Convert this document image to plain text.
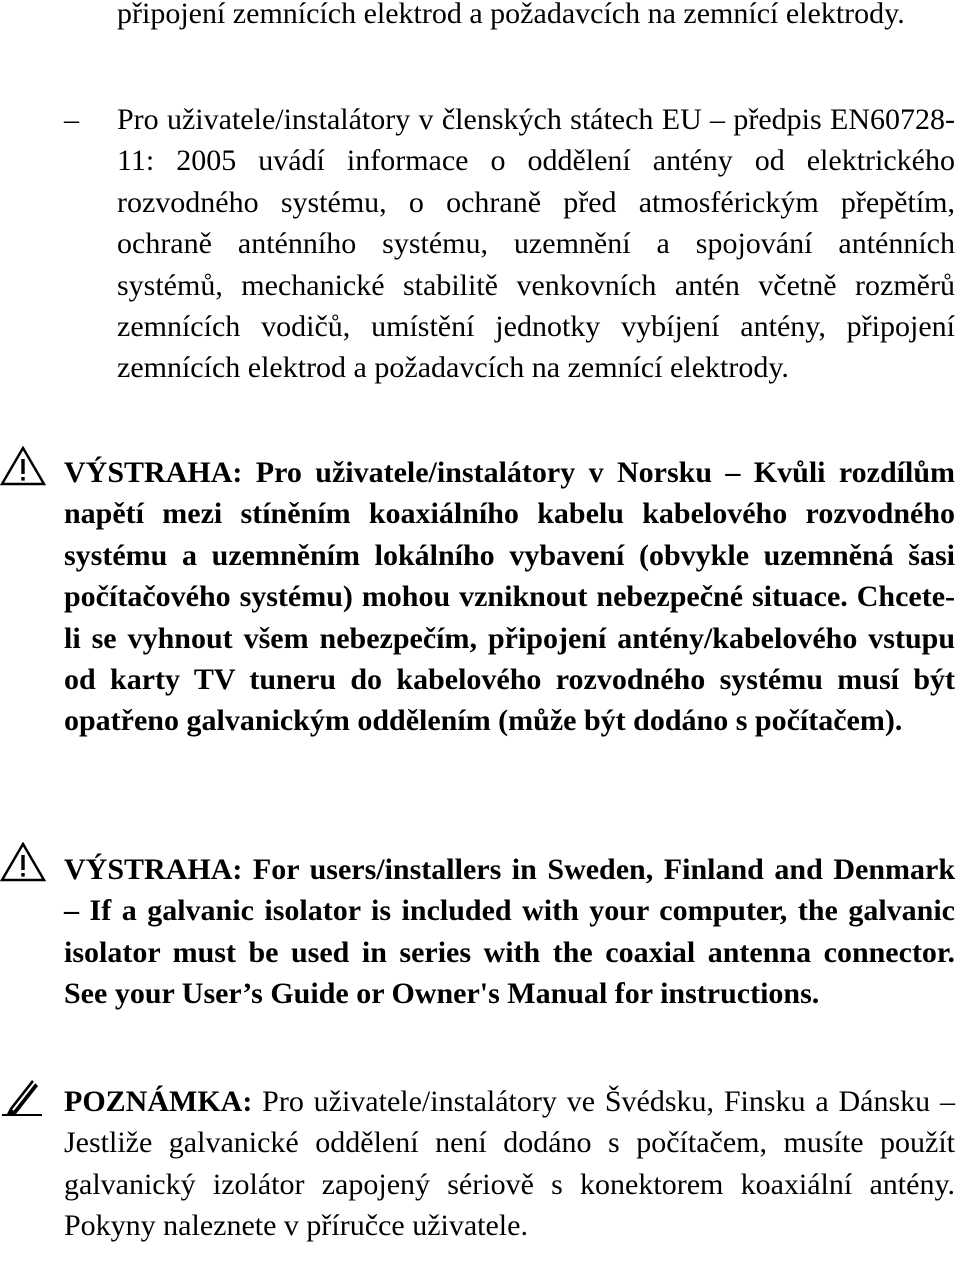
připojení zemnících elektrod a požadavcích na zemnící elektrody.

– Pro uživatele/instalátory v členských státech EU – předpis EN60728-11: 2005 uvádí informace o oddělení antény od elektrického rozvodného systému, o ochraně před atmosférickým přepětím, ochraně anténního systému, uzemnění a spojování anténních systémů, mechanické stabilitě venkovních antén včetně rozměrů zemnících vodičů, umístění jednotky vybíjení antény, připojení zemnících elektrod a požadavcích na zemnící elektrody.

VÝSTRAHA: Pro uživatele/instalátory v Norsku – Kvůli rozdílům napětí mezi stíněním koaxiálního kabelu kabelového rozvodného systému a uzemněním lokálního vybavení (obvykle uzemněná šasi počítačového systému) mohou vzniknout nebezpečné situace. Chcete-li se vyhnout všem nebezpečím, připojení antény/kabelového vstupu od karty TV tuneru do kabelového rozvodného systému musí být opatřeno galvanickým oddělením (může být dodáno s počítačem).

VÝSTRAHA: For users/installers in Sweden, Finland and Denmark – If a galvanic isolator is included with your computer, the galvanic isolator must be used in series with the coaxial antenna connector. See your User’s Guide or Owner's Manual for instructions.

POZNÁMKA: Pro uživatele/instalátory ve Švédsku, Finsku a Dánsku – Jestliže galvanické oddělení není dodáno s počítačem, musíte použít galvanický izolátor zapojený sériově s konektorem koaxiální antény. Pokyny naleznete v příručce uživatele.
